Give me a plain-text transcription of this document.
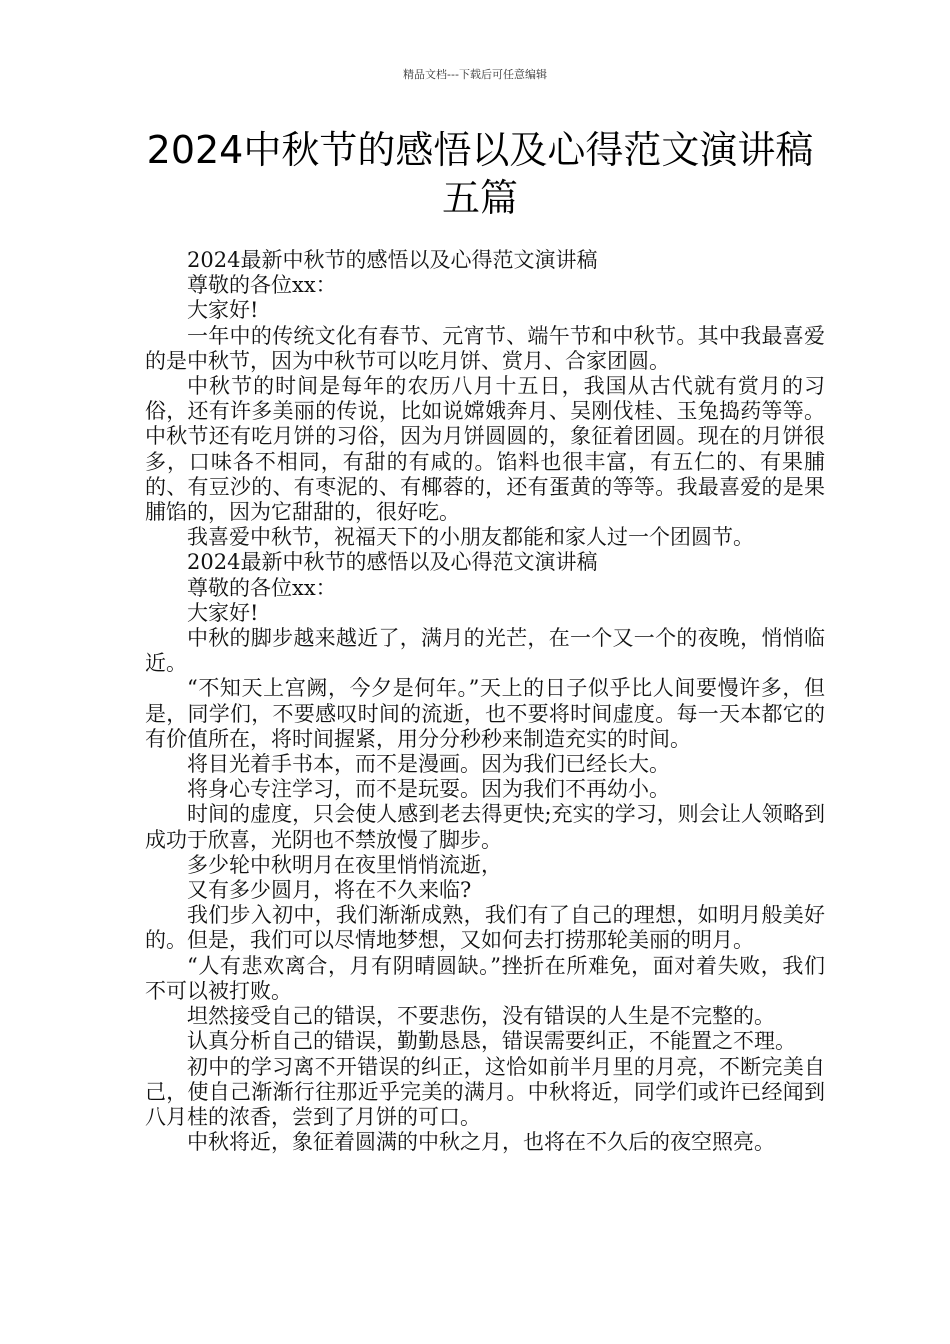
精品文档---下载后可任意编辑
2024中秋节的感悟以及心得范文演讲稿五篇

2024最新中秋节的感悟以及心得范文演讲稿

尊敬的各位xx：

大家好!

一年中的传统文化有春节、元宵节、端午节和中秋节。其中我最喜爱的是中秋节，因为中秋节可以吃月饼、赏月、合家团圆。

中秋节的时间是每年的农历八月十五日，我国从古代就有赏月的习俗，还有许多美丽的传说，比如说嫦娥奔月、吴刚伐桂、玉兔捣药等等。中秋节还有吃月饼的习俗，因为月饼圆圆的，象征着团圆。现在的月饼很多，口味各不相同，有甜的有咸的。馅料也很丰富，有五仁的、有果脯的、有豆沙的、有枣泥的、有椰蓉的，还有蛋黄的等等。我最喜爱的是果脯馅的，因为它甜甜的，很好吃。

我喜爱中秋节，祝福天下的小朋友都能和家人过一个团圆节。

2024最新中秋节的感悟以及心得范文演讲稿

尊敬的各位xx：

大家好!

中秋的脚步越来越近了，满月的光芒，在一个又一个的夜晚，悄悄临近。

“不知天上宫阙，今夕是何年。”天上的日子似乎比人间要慢许多，但是，同学们，不要感叹时间的流逝，也不要将时间虚度。每一天本都它的有价值所在，将时间握紧，用分分秒秒来制造充实的时间。

将目光着手书本，而不是漫画。因为我们已经长大。

将身心专注学习，而不是玩耍。因为我们不再幼小。

时间的虚度，只会使人感到老去得更快;充实的学习，则会让人领略到成功于欣喜，光阴也不禁放慢了脚步。

多少轮中秋明月在夜里悄悄流逝，

又有多少圆月，将在不久来临?

我们步入初中，我们渐渐成熟，我们有了自己的理想，如明月般美好的。但是，我们可以尽情地梦想，又如何去打捞那轮美丽的明月。

“人有悲欢离合，月有阴晴圆缺。”挫折在所难免，面对着失败，我们不可以被打败。

坦然接受自己的错误，不要悲伤，没有错误的人生是不完整的。

认真分析自己的错误，勤勤恳恳，错误需要纠正，不能置之不理。

初中的学习离不开错误的纠正，这恰如前半月里的月亮，不断完美自己，使自己渐渐行往那近乎完美的满月。中秋将近，同学们或许已经闻到八月桂的浓香，尝到了月饼的可口。

中秋将近，象征着圆满的中秋之月，也将在不久后的夜空照亮。
